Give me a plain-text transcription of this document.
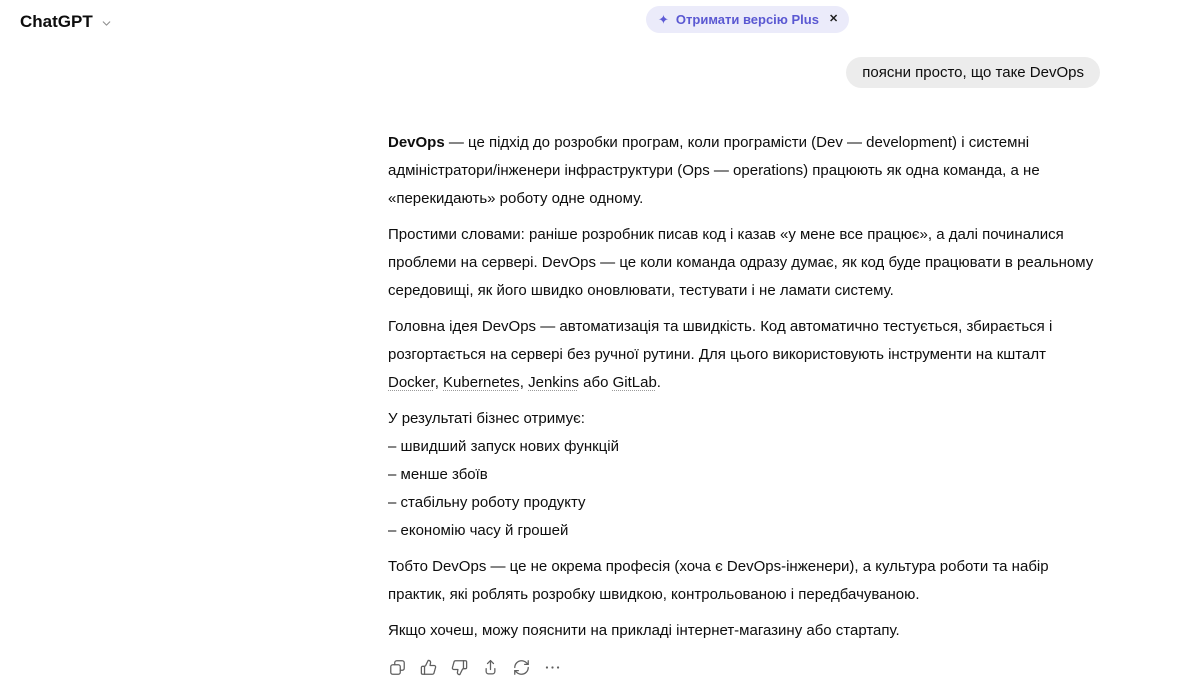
ChatGPT	✦ Отримати версію Plus ✕
поясни просто, що таке DevOps

DevOps — це підхід до розробки програм, коли програмісти (Dev — development) і системні адміністратори/інженери інфраструктури (Ops — operations) працюють як одна команда, а не «перекидають» роботу одне одному.

Простими словами: раніше розробник писав код і казав «у мене все працює», а далі починалися проблеми на сервері. DevOps — це коли команда одразу думає, як код буде працювати в реальному середовищі, як його швидко оновлювати, тестувати і не ламати систему.

Головна ідея DevOps — автоматизація та швидкість. Код автоматично тестується, збирається і розгортається на сервері без ручної рутини. Для цього використовують інструменти на кшталт Docker, Kubernetes, Jenkins або GitLab.

У результаті бізнес отримує:
– швидший запуск нових функцій
– менше збоїв
– стабільну роботу продукту
– економію часу й грошей

Тобто DevOps — це не окрема професія (хоча є DevOps-інженери), а культура роботи та набір практик, які роблять розробку швидкою, контрольованою і передбачуваною.

Якщо хочеш, можу пояснити на прикладі інтернет-магазину або стартапу.
